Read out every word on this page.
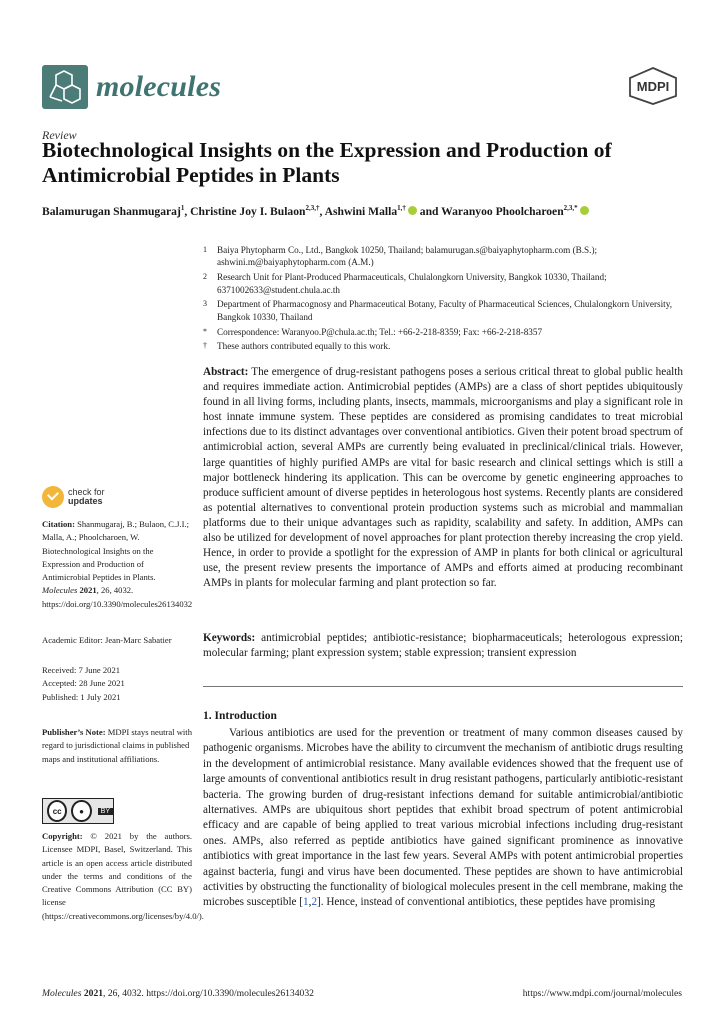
molecules	MDPI
Review
Biotechnological Insights on the Expression and Production of Antimicrobial Peptides in Plants
Balamurugan Shanmugaraj$^1$, Christine Joy I. Bulaon$^{2,3,\dagger}$, Ashwini Malla$^{1,\dagger}$ and Waranyoo Phoolcharoen$^{2,3,*}$
1	Baiya Phytopharm Co., Ltd., Bangkok 10250, Thailand; balamurugan.s@baiyaphytopharm.com (B.S.); ashwini.m@baiyaphytopharm.com (A.M.)
2	Research Unit for Plant-Produced Pharmaceuticals, Chulalongkorn University, Bangkok 10330, Thailand; 6371002633@student.chula.ac.th
3	Department of Pharmacognosy and Pharmaceutical Botany, Faculty of Pharmaceutical Sciences, Chulalongkorn University, Bangkok 10330, Thailand
*	Correspondence: Waranyoo.P@chula.ac.th; Tel.: +66-2-218-8359; Fax: +66-2-218-8357
†	These authors contributed equally to this work.
Abstract: The emergence of drug-resistant pathogens poses a serious critical threat to global public health and requires immediate action. Antimicrobial peptides (AMPs) are a class of short peptides ubiquitously found in all living forms, including plants, insects, mammals, microorganisms and play a significant role in host innate immune system. These peptides are considered as promising candidates to treat microbial infections due to its distinct advantages over conventional antibiotics. Given their potent broad spectrum of antimicrobial action, several AMPs are currently being evaluated in preclinical/clinical trials. However, large quantities of highly purified AMPs are vital for basic research and clinical settings which is still a major bottleneck hindering its application. This can be overcome by genetic engineering approaches to produce sufficient amount of diverse peptides in heterologous host systems. Recently plants are considered as potential alternatives to conventional protein production systems such as microbial and mammalian platforms due to their unique advantages such as rapidity, scalability and safety. In addition, AMPs can also be utilized for development of novel approaches for plant protection thereby increasing the crop yield. Hence, in order to provide a spotlight for the expression of AMP in plants for both clinical or agricultural use, the present review presents the importance of AMPs and efforts aimed at producing recombinant AMPs in plants for molecular farming and plant protection so far.
Keywords: antimicrobial peptides; antibiotic-resistance; biopharmaceuticals; heterologous expression; molecular farming; plant expression system; stable expression; transient expression
1. Introduction
Various antibiotics are used for the prevention or treatment of many common diseases caused by pathogenic organisms. Microbes have the ability to circumvent the mechanism of antibiotic drugs resulting in the development of antimicrobial resistance. Many available evidences showed that the frequent use of large amounts of conventional antibiotics result in drug resistant pathogens, particularly antibiotic-resistant bacteria. The growing burden of drug-resistant infections demand for suitable antimicrobial/antibiotic alternatives. AMPs are ubiquitous short peptides that exhibit broad spectrum of potent antimicrobial efficacy and are capable of being applied to treat various microbial infections including drug-resistant ones. AMPs, also referred as peptide antibiotics have gained significant prominence as innovative antibiotics with great importance in the last few years. Several AMPs with potent antimicrobial properties against bacteria, fungi and virus have been documented. These peptides are shown to have antimicrobial activities by obstructing the functionality of biological molecules present in the cell membrane, making the microbes susceptible [1,2]. Hence, instead of conventional antibiotics, these peptides have promising
check for
updates
Citation: Shanmugaraj, B.; Bulaon, C.J.I.; Malla, A.; Phoolcharoen, W. Biotechnological Insights on the Expression and Production of Antimicrobial Peptides in Plants. Molecules 2021, 26, 4032. https://doi.org/10.3390/molecules26134032
Academic Editor: Jean-Marc Sabatier
Received: 7 June 2021
Accepted: 28 June 2021
Published: 1 July 2021
Publisher’s Note: MDPI stays neutral with regard to jurisdictional claims in published maps and institutional affiliations.
cc	●	BY
Copyright: © 2021 by the authors. Licensee MDPI, Basel, Switzerland. This article is an open access article distributed under the terms and conditions of the Creative Commons Attribution (CC BY) license (https://creativecommons.org/licenses/by/4.0/).
Molecules 2021, 26, 4032. https://doi.org/10.3390/molecules26134032	https://www.mdpi.com/journal/molecules
